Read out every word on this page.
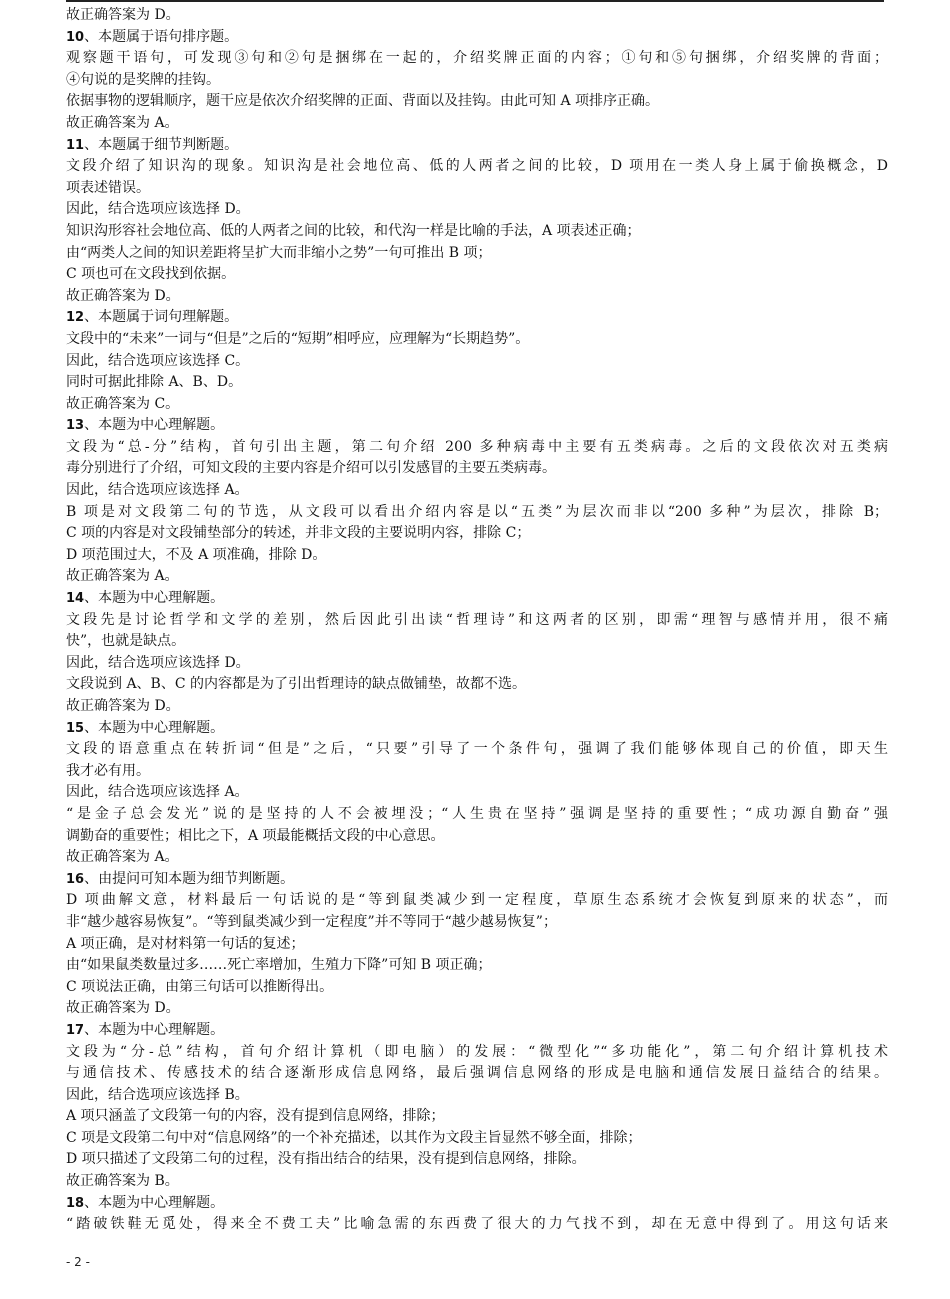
故正确答案为 D。
10、本题属于语句排序题。
观察题干语句，可发现③句和②句是捆绑在一起的，介绍奖牌正面的内容；①句和⑤句捆绑，介绍奖牌的背面；
④句说的是奖牌的挂钩。
依据事物的逻辑顺序，题干应是依次介绍奖牌的正面、背面以及挂钩。由此可知 A 项排序正确。
故正确答案为 A。
11、本题属于细节判断题。
文段介绍了知识沟的现象。知识沟是社会地位高、低的人两者之间的比较，D 项用在一类人身上属于偷换概念，D
项表述错误。
因此，结合选项应该选择 D。
知识沟形容社会地位高、低的人两者之间的比较，和代沟一样是比喻的手法，A 项表述正确；
由“两类人之间的知识差距将呈扩大而非缩小之势”一句可推出 B 项；
C 项也可在文段找到依据。
故正确答案为 D。
12、本题属于词句理解题。
文段中的“未来”一词与“但是”之后的“短期”相呼应，应理解为“长期趋势”。
因此，结合选项应该选择 C。
同时可据此排除 A、B、D。
故正确答案为 C。
13、本题为中心理解题。
文段为“总-分”结构，首句引出主题，第二句介绍 200 多种病毒中主要有五类病毒。之后的文段依次对五类病
毒分别进行了介绍，可知文段的主要内容是介绍可以引发感冒的主要五类病毒。
因此，结合选项应该选择 A。
B 项是对文段第二句的节选，从文段可以看出介绍内容是以“五类”为层次而非以“200 多种”为层次，排除 B；
C 项的内容是对文段铺垫部分的转述，并非文段的主要说明内容，排除 C；
D 项范围过大，不及 A 项准确，排除 D。
故正确答案为 A。
14、本题为中心理解题。
文段先是讨论哲学和文学的差别，然后因此引出读“哲理诗”和这两者的区别，即需“理智与感情并用，很不痛
快”，也就是缺点。
因此，结合选项应该选择 D。
文段说到 A、B、C 的内容都是为了引出哲理诗的缺点做铺垫，故都不选。
故正确答案为 D。
15、本题为中心理解题。
文段的语意重点在转折词“但是”之后，“只要”引导了一个条件句，强调了我们能够体现自己的价值，即天生
我才必有用。
因此，结合选项应该选择 A。
“是金子总会发光”说的是坚持的人不会被埋没；“人生贵在坚持”强调是坚持的重要性；“成功源自勤奋”强
调勤奋的重要性；相比之下，A 项最能概括文段的中心意思。
故正确答案为 A。
16、由提问可知本题为细节判断题。
D 项曲解文意，材料最后一句话说的是“等到鼠类减少到一定程度，草原生态系统才会恢复到原来的状态”，而
非“越少越容易恢复”。“等到鼠类减少到一定程度”并不等同于“越少越易恢复”；
A 项正确，是对材料第一句话的复述；
由“如果鼠类数量过多……死亡率增加，生殖力下降”可知 B 项正确；
C 项说法正确，由第三句话可以推断得出。
故正确答案为 D。
17、本题为中心理解题。
文段为“分-总”结构，首句介绍计算机（即电脑）的发展：“微型化”“多功能化”，第二句介绍计算机技术
与通信技术、传感技术的结合逐渐形成信息网络，最后强调信息网络的形成是电脑和通信发展日益结合的结果。
因此，结合选项应该选择 B。
A 项只涵盖了文段第一句的内容，没有提到信息网络，排除；
C 项是文段第二句中对“信息网络”的一个补充描述，以其作为文段主旨显然不够全面，排除；
D 项只描述了文段第二句的过程，没有指出结合的结果，没有提到信息网络，排除。
故正确答案为 B。
18、本题为中心理解题。
“踏破铁鞋无觅处，得来全不费工夫”比喻急需的东西费了很大的力气找不到，却在无意中得到了。用这句话来
- 2 -
